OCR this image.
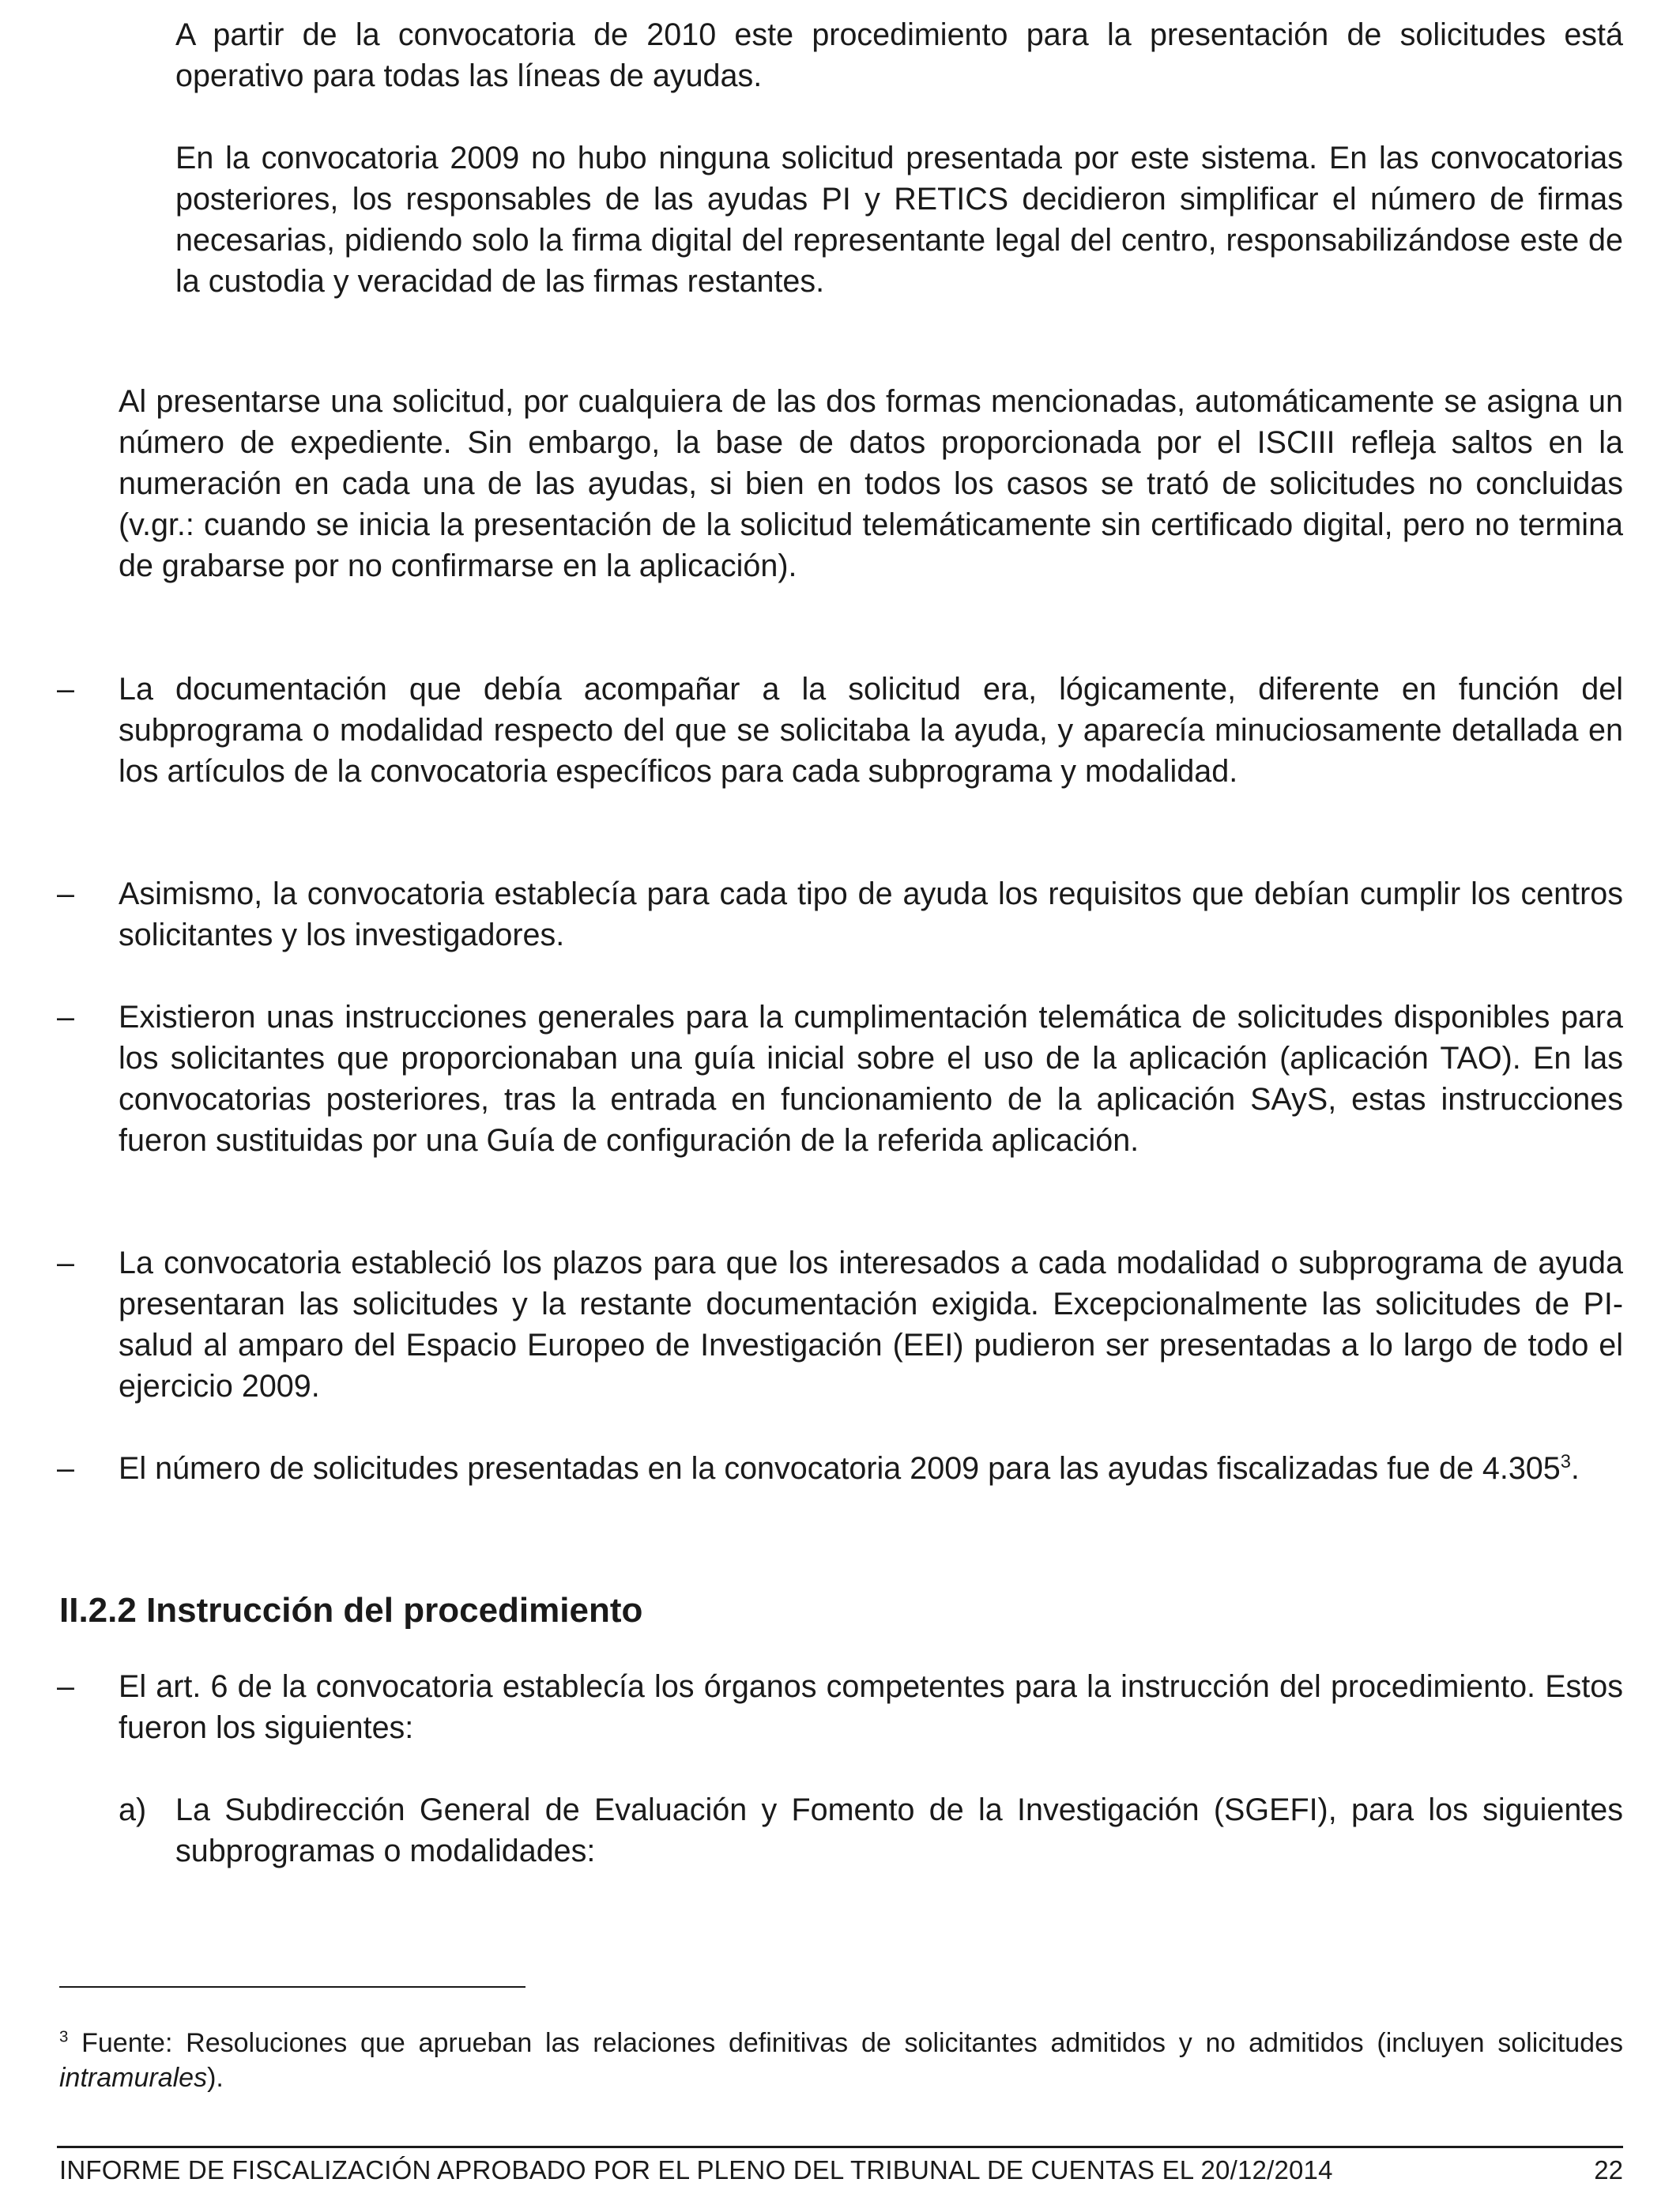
A partir de la convocatoria de 2010 este procedimiento para la presentación de solicitudes está operativo para todas las líneas de ayudas.

En la convocatoria 2009 no hubo ninguna solicitud presentada por este sistema. En las convocatorias posteriores, los responsables de las ayudas PI y RETICS decidieron simplificar el número de firmas necesarias, pidiendo solo la firma digital del representante legal del centro, responsabilizándose este de la custodia y veracidad de las firmas restantes.

Al presentarse una solicitud, por cualquiera de las dos formas mencionadas, automáticamente se asigna un número de expediente. Sin embargo, la base de datos proporcionada por el ISCIII refleja saltos en la numeración en cada una de las ayudas, si bien en todos los casos se trató de solicitudes no concluidas (v.gr.: cuando se inicia la presentación de la solicitud telemáticamente sin certificado digital, pero no termina de grabarse por no confirmarse en la aplicación).

–	La documentación que debía acompañar a la solicitud era, lógicamente, diferente en función del subprograma o modalidad respecto del que se solicitaba la ayuda, y aparecía minuciosamente detallada en los artículos de la convocatoria específicos para cada subprograma y modalidad.

–	Asimismo, la convocatoria establecía para cada tipo de ayuda los requisitos que debían cumplir los centros solicitantes y los investigadores.

–	Existieron unas instrucciones generales para la cumplimentación telemática de solicitudes disponibles para los solicitantes que proporcionaban una guía inicial sobre el uso de la aplicación (aplicación TAO). En las convocatorias posteriores, tras la entrada en funcionamiento de la aplicación SAyS, estas instrucciones fueron sustituidas por una Guía de configuración de la referida aplicación.

–	La convocatoria estableció los plazos para que los interesados a cada modalidad o subprograma de ayuda presentaran las solicitudes y la restante documentación exigida. Excepcionalmente las solicitudes de PI-salud al amparo del Espacio Europeo de Investigación (EEI) pudieron ser presentadas a lo largo de todo el ejercicio 2009.

–	El número de solicitudes presentadas en la convocatoria 2009 para las ayudas fiscalizadas fue de 4.305$^3$.

II.2.2 Instrucción del procedimiento
–	El art. 6 de la convocatoria establecía los órganos competentes para la instrucción del procedimiento. Estos fueron los siguientes:

a) La Subdirección General de Evaluación y Fomento de la Investigación (SGEFI), para los siguientes subprogramas o modalidades:

$^3$ Fuente: Resoluciones que aprueban las relaciones definitivas de solicitantes admitidos y no admitidos (incluyen solicitudes intramurales).

INFORME DE FISCALIZACIÓN APROBADO POR EL PLENO DEL TRIBUNAL DE CUENTAS EL 20/12/2014	22
